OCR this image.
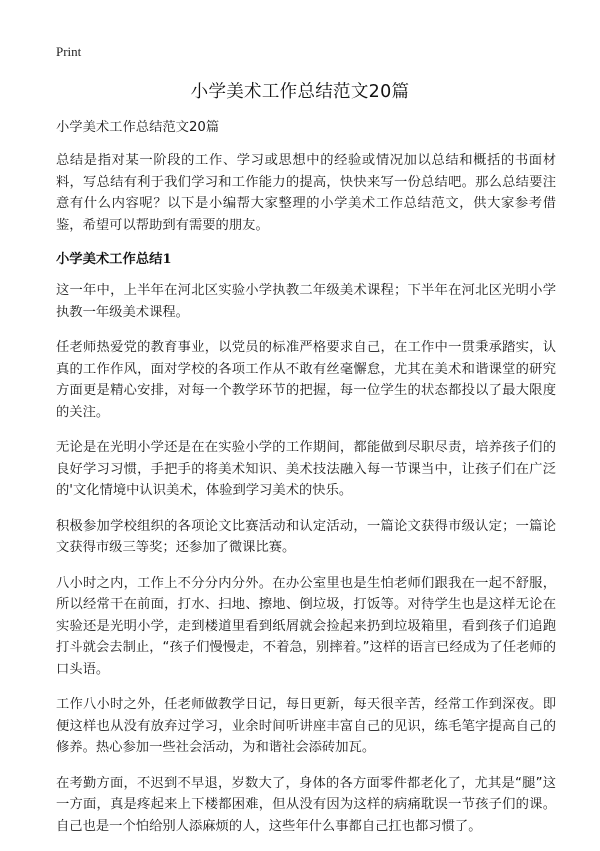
Print
小学美术工作总结范文20篇

小学美术工作总结范文20篇

总结是指对某一阶段的工作、学习或思想中的经验或情况加以总结和概括的书面材料，写总结有利于我们学习和工作能力的提高，快快来写一份总结吧。那么总结要注意有什么内容呢？以下是小编帮大家整理的小学美术工作总结范文，供大家参考借鉴，希望可以帮助到有需要的朋友。

小学美术工作总结1

这一年中，上半年在河北区实验小学执教二年级美术课程；下半年在河北区光明小学执教一年级美术课程。

任老师热爱党的教育事业，以党员的标准严格要求自己，在工作中一贯秉承踏实，认真的工作作风，面对学校的各项工作从不敢有丝毫懈怠，尤其在美术和谐课堂的研究方面更是精心安排，对每一个教学环节的把握，每一位学生的状态都投以了最大限度的关注。

无论是在光明小学还是在在实验小学的工作期间，都能做到尽职尽责，培养孩子们的良好学习习惯，手把手的将美术知识、美术技法融入每一节课当中，让孩子们在广泛的'文化情境中认识美术，体验到学习美术的快乐。

积极参加学校组织的各项论文比赛活动和认定活动，一篇论文获得市级认定；一篇论文获得市级三等奖；还参加了微课比赛。

八小时之内，工作上不分分内分外。在办公室里也是生怕老师们跟我在一起不舒服，所以经常干在前面，打水、扫地、擦地、倒垃圾，打饭等。对待学生也是这样无论在实验还是光明小学，走到楼道里看到纸屑就会捡起来扔到垃圾箱里，看到孩子们追跑打斗就会去制止，“孩子们慢慢走，不着急，别摔着。”这样的语言已经成为了任老师的口头语。

工作八小时之外，任老师做教学日记，每日更新，每天很辛苦，经常工作到深夜。即便这样也从没有放弃过学习，业余时间听讲座丰富自己的见识，练毛笔字提高自己的修养。热心参加一些社会活动，为和谐社会添砖加瓦。

在考勤方面，不迟到不早退，岁数大了，身体的各方面零件都老化了，尤其是“腿”这一方面，真是疼起来上下楼都困难，但从没有因为这样的病痛耽误一节孩子们的课。自己也是一个怕给别人添麻烦的人，这些年什么事都自己扛也都习惯了。
